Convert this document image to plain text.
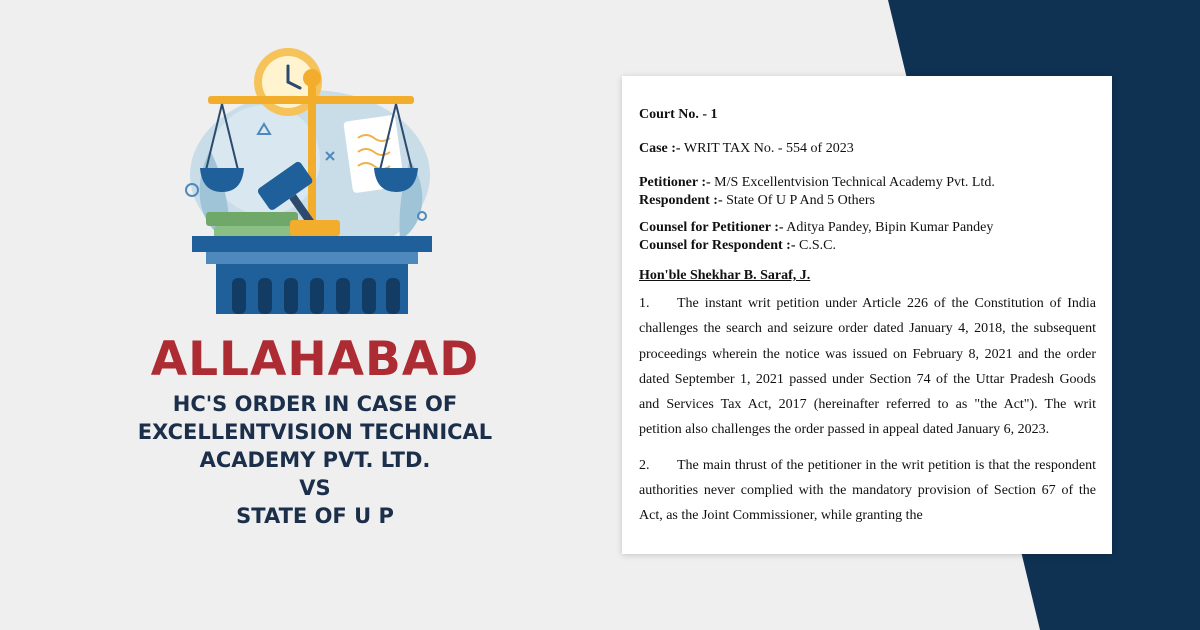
ALLAHABAD
HC'S ORDER IN CASE OF
EXCELLENTVISION TECHNICAL
ACADEMY PVT. LTD.
VS
STATE OF U P
Court No. - 1
Case :- WRIT TAX No. - 554 of 2023
Petitioner :- M/S Excellentvision Technical Academy Pvt. Ltd.
Respondent :- State Of U P And 5 Others
Counsel for Petitioner :- Aditya Pandey, Bipin Kumar Pandey
Counsel for Respondent :- C.S.C.
Hon'ble Shekhar B. Saraf, J.
1. The instant writ petition under Article 226 of the Constitution of India challenges the search and seizure order dated January 4, 2018, the subsequent proceedings wherein the notice was issued on February 8, 2021 and the order dated September 1, 2021 passed under Section 74 of the Uttar Pradesh Goods and Services Tax Act, 2017 (hereinafter referred to as "the Act"). The writ petition also challenges the order passed in appeal dated January 6, 2023.
2. The main thrust of the petitioner in the writ petition is that the respondent authorities never complied with the mandatory provision of Section 67 of the Act, as the Joint Commissioner, while granting the
